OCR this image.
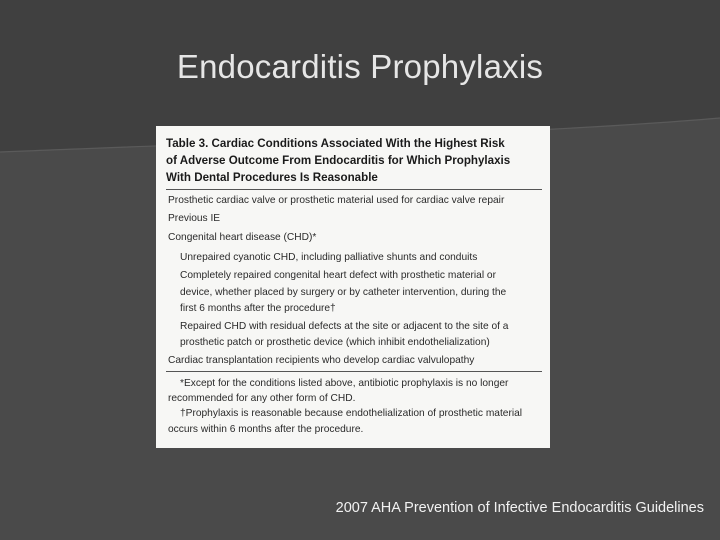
Endocarditis Prophylaxis
Table 3. Cardiac Conditions Associated With the Highest Risk
of Adverse Outcome From Endocarditis for Which Prophylaxis
With Dental Procedures Is Reasonable
Prosthetic cardiac valve or prosthetic material used for cardiac valve repair
Previous IE
Congenital heart disease (CHD)*
Unrepaired cyanotic CHD, including palliative shunts and conduits
Completely repaired congenital heart defect with prosthetic material or
device, whether placed by surgery or by catheter intervention, during the
first 6 months after the procedure†
Repaired CHD with residual defects at the site or adjacent to the site of a
prosthetic patch or prosthetic device (which inhibit endothelialization)
Cardiac transplantation recipients who develop cardiac valvulopathy
*Except for the conditions listed above, antibiotic prophylaxis is no longer
recommended for any other form of CHD.
†Prophylaxis is reasonable because endothelialization of prosthetic material
occurs within 6 months after the procedure.
2007 AHA Prevention of Infective Endocarditis Guidelines
